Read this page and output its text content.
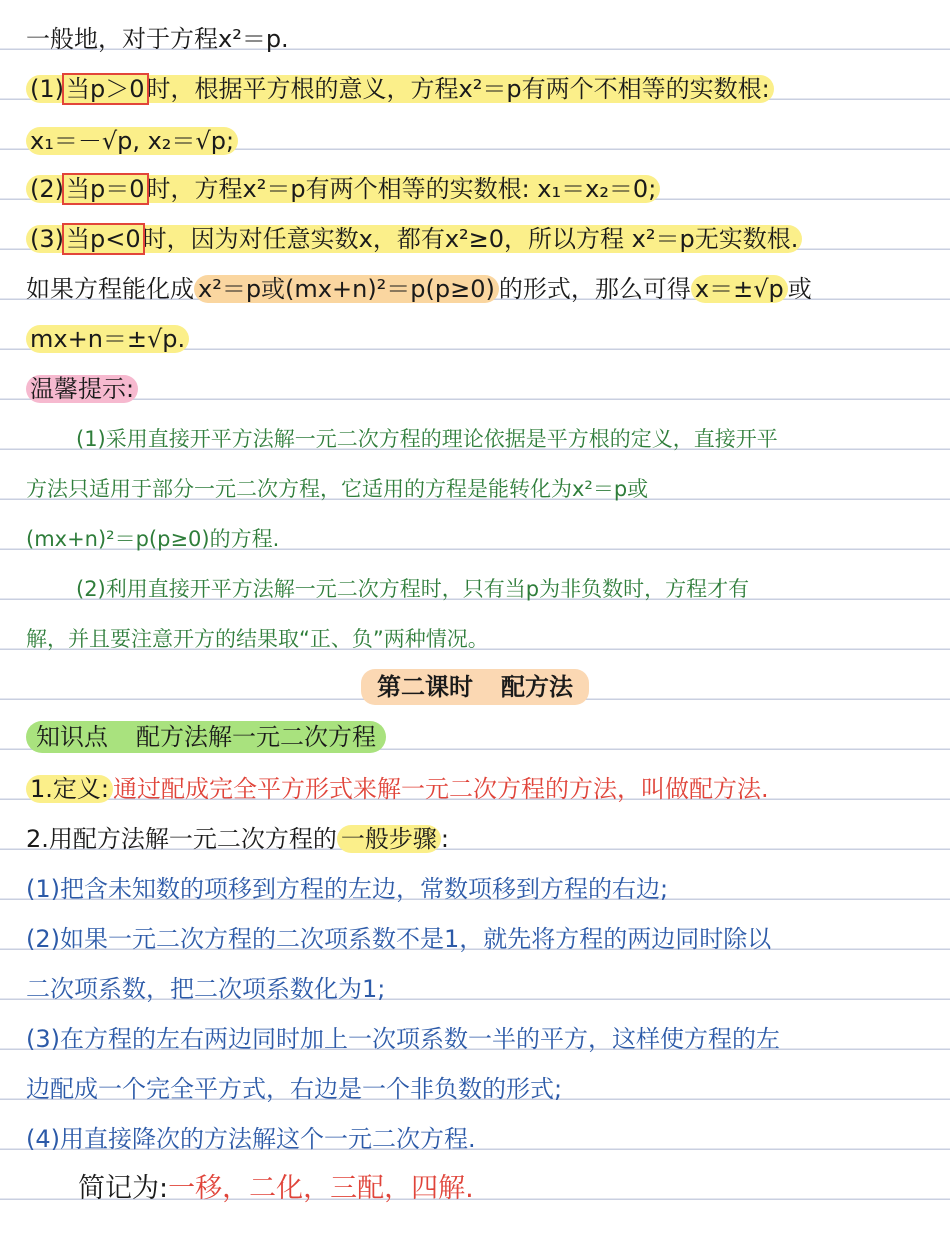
一般地，对于方程x²＝p.
(1)当p＞0时，根据平方根的意义，方程x²＝p有两个不相等的实数根:
x₁＝－√p, x₂＝√p;
(2)当p＝0时，方程x²＝p有两个相等的实数根: x₁＝x₂＝0;
(3)当p<0时，因为对任意实数x，都有x²≥0，所以方程 x²＝p无实数根.
如果方程能化成 x²＝p或(mx+n)²＝p(p≥0) 的形式，那么可得 x＝±√p 或
mx+n＝±√p.
温馨提示:
(1)采用直接开平方法解一元二次方程的理论依据是平方根的定义，直接开平
方法只适用于部分一元二次方程，它适用的方程是能转化为x²＝p或
(mx+n)²＝p(p≥0)的方程.
(2)利用直接开平方法解一元二次方程时，只有当p为非负数时，方程才有
解，并且要注意开方的结果取“正、负”两种情况。
第二课时 配方法
知识点 配方法解一元二次方程
1.定义: 通过配成完全平方形式来解一元二次方程的方法，叫做配方法.
2.用配方法解一元二次方程的 一般步骤 :
(1)把含未知数的项移到方程的左边，常数项移到方程的右边;
(2)如果一元二次方程的二次项系数不是1，就先将方程的两边同时除以
二次项系数，把二次项系数化为1;
(3)在方程的左右两边同时加上一次项系数一半的平方，这样使方程的左
边配成一个完全平方式，右边是一个非负数的形式;
(4)用直接降次的方法解这个一元二次方程.
简记为:一移，二化，三配，四解.
